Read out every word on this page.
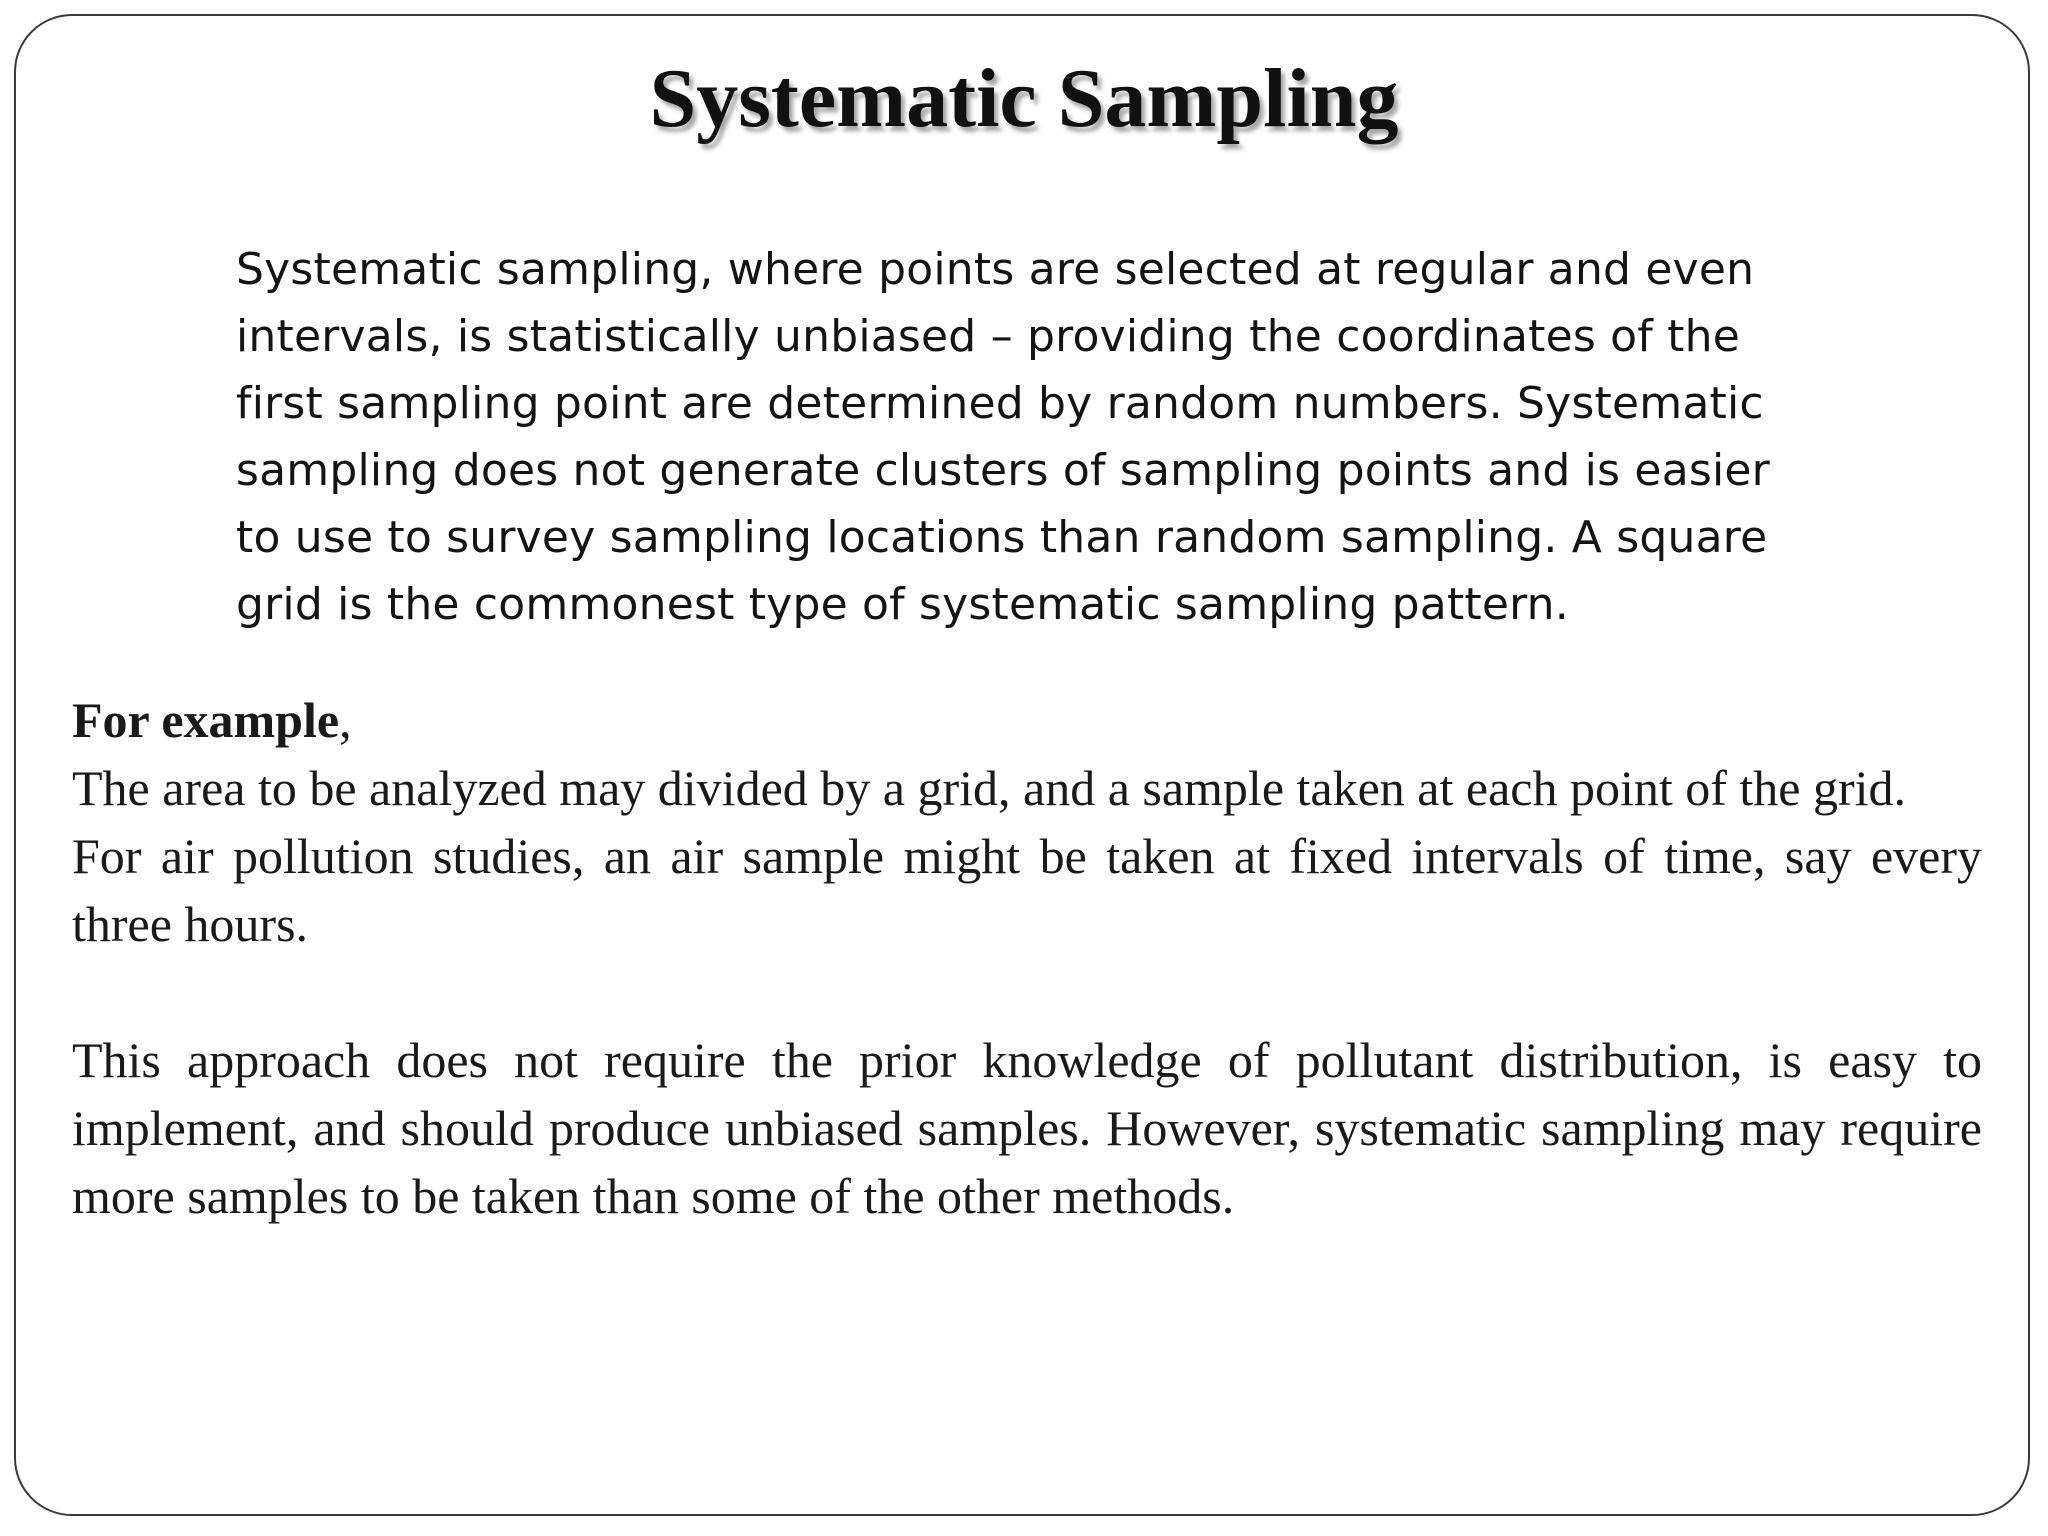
Systematic Sampling
Systematic sampling, where points are selected at regular and even
intervals, is statistically unbiased – providing the coordinates of the
first sampling point are determined by random numbers. Systematic
sampling does not generate clusters of sampling points and is easier
to use to survey sampling locations than random sampling. A square
grid is the commonest type of systematic sampling pattern.

For example,

The area to be analyzed may divided by a grid, and a sample taken at each point of the grid.

For air pollution studies, an air sample might be taken at fixed intervals of time, say every three hours.

This approach does not require the prior knowledge of pollutant distribution, is easy to implement, and should produce unbiased samples. However, systematic sampling may require more samples to be taken than some of the other methods.
